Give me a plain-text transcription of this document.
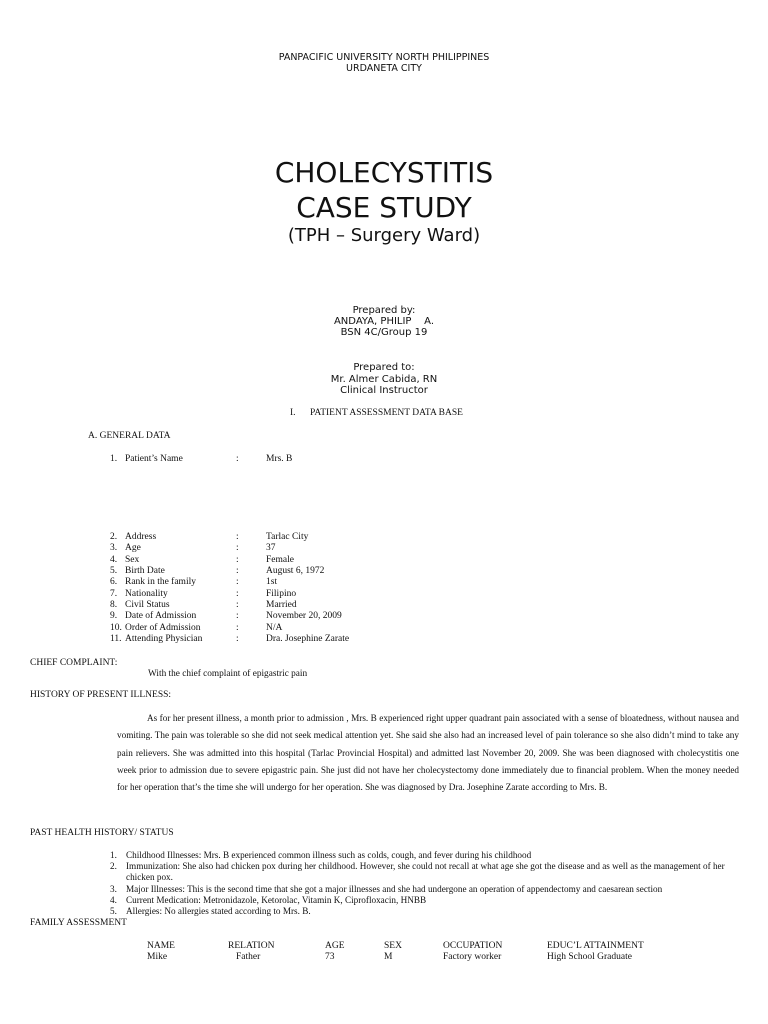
PANPACIFIC UNIVERSITY NORTH PHILIPPINES
URDANETA CITY
CHOLECYSTITIS
CASE STUDY
(TPH – Surgery Ward)
Prepared by:
ANDAYA, PHILIP    A.
BSN 4C/Group 19
Prepared to:
Mr. Almer Cabida, RN
Clinical Instructor
I. PATIENT ASSESSMENT DATA BASE
A. GENERAL DATA
1. Patient’s Name	:	Mrs. B
2. Address	:	Tarlac City
3. Age	:	37
4. Sex	:	Female
5. Birth Date	:	August 6, 1972
6. Rank in the family	:	1st
7. Nationality	:	Filipino
8. Civil Status	:	Married
9. Date of Admission	:	November 20, 2009
10. Order of Admission	:	N/A
11. Attending Physician	:	Dra. Josephine Zarate
CHIEF COMPLAINT:
With the chief complaint of epigastric pain
HISTORY OF PRESENT ILLNESS:

As for her present illness, a month prior to admission , Mrs. B experienced right upper quadrant pain associated with a sense of bloatedness, without nausea and vomiting. The pain was tolerable so she did not seek medical attention yet. She said she also had an increased level of pain tolerance so she also didn’t mind to take any pain relievers. She was admitted into this hospital (Tarlac Provincial Hospital) and admitted last November 20, 2009. She was been diagnosed with cholecystitis one week prior to admission due to severe epigastric pain. She just did not have her cholecystectomy done immediately due to financial problem. When the money needed for her operation that’s the time she will undergo for her operation. She was diagnosed by Dra. Josephine Zarate according to Mrs. B.

PAST HEALTH HISTORY/ STATUS
1. Childhood Illnesses: Mrs. B experienced common illness such as colds, cough, and fever during his childhood
2. Immunization: She also had chicken pox during her childhood. However, she could not recall at what age she got the disease and as well as the management of her chicken pox.
3. Major Illnesses: This is the second time that she got a major illnesses and she had undergone an operation of appendectomy and caesarean section
4. Current Medication: Metronidazole, Ketorolac, Vitamin K, Ciprofloxacin, HNBB
5. Allergies: No allergies stated according to Mrs. B.
FAMILY ASSESSMENT
NAME	RELATION	AGE	SEX	OCCUPATION	EDUC’L ATTAINMENT
Mike	Father	73	M	Factory worker	High School Graduate
